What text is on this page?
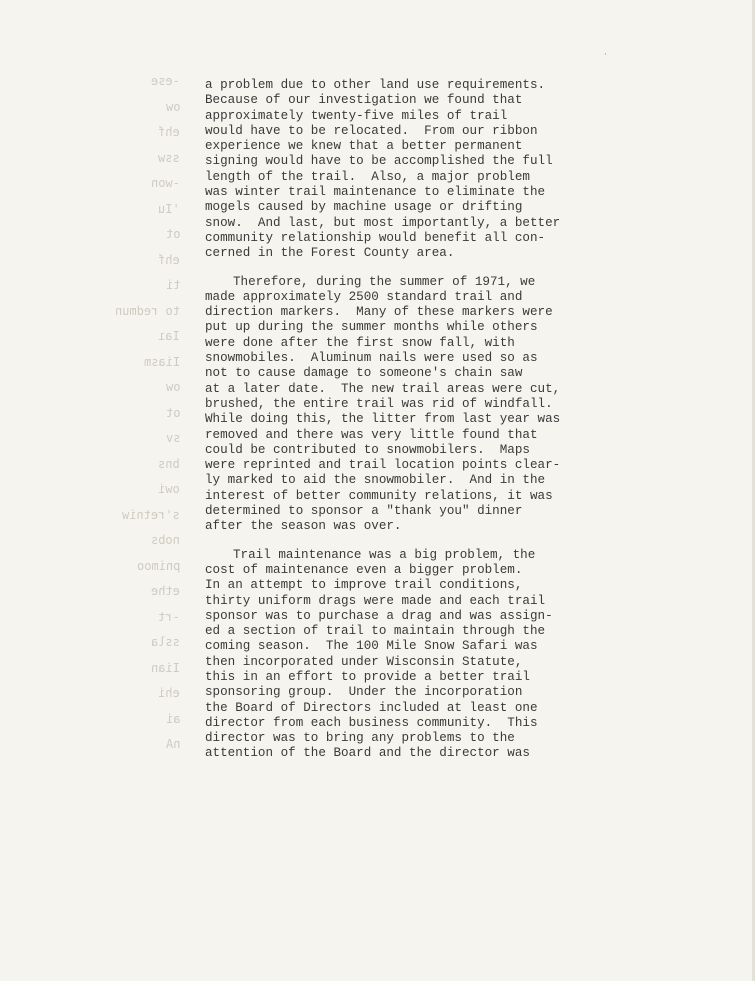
-ese
ow
ehf
ssw
-won
'Iu
ot
ehf
ti
to redmun
Iaı
Iiasm
ow
ot
sv
bns
owi
s'retniw
nobs
pnimoo
ethe
-rt
ssla
Iian
ehi
ai
nA
,
a problem due to other land use requirements.
Because of our investigation we found that
approximately twenty-five miles of trail
would have to be relocated.  From our ribbon
experience we knew that a better permanent
signing would have to be accomplished the full
length of the trail.  Also, a major problem
was winter trail maintenance to eliminate the
mogels caused by machine usage or drifting
snow.  And last, but most importantly, a better
community relationship would benefit all con-
cerned in the Forest County area.
Therefore, during the summer of 1971, we
made approximately 2500 standard trail and
direction markers.  Many of these markers were
put up during the summer months while others
were done after the first snow fall, with
snowmobiles.  Aluminum nails were used so as
not to cause damage to someone's chain saw
at a later date.  The new trail areas were cut,
brushed, the entire trail was rid of windfall.
While doing this, the litter from last year was
removed and there was very little found that
could be contributed to snowmobilers.  Maps
were reprinted and trail location points clear-
ly marked to aid the snowmobiler.  And in the
interest of better community relations, it was
determined to sponsor a "thank you" dinner
after the season was over.
Trail maintenance was a big problem, the
cost of maintenance even a bigger problem.
In an attempt to improve trail conditions,
thirty uniform drags were made and each trail
sponsor was to purchase a drag and was assign-
ed a section of trail to maintain through the
coming season.  The 100 Mile Snow Safari was
then incorporated under Wisconsin Statute,
this in an effort to provide a better trail
sponsoring group.  Under the incorporation
the Board of Directors included at least one
director from each business community.  This
director was to bring any problems to the
attention of the Board and the director was
